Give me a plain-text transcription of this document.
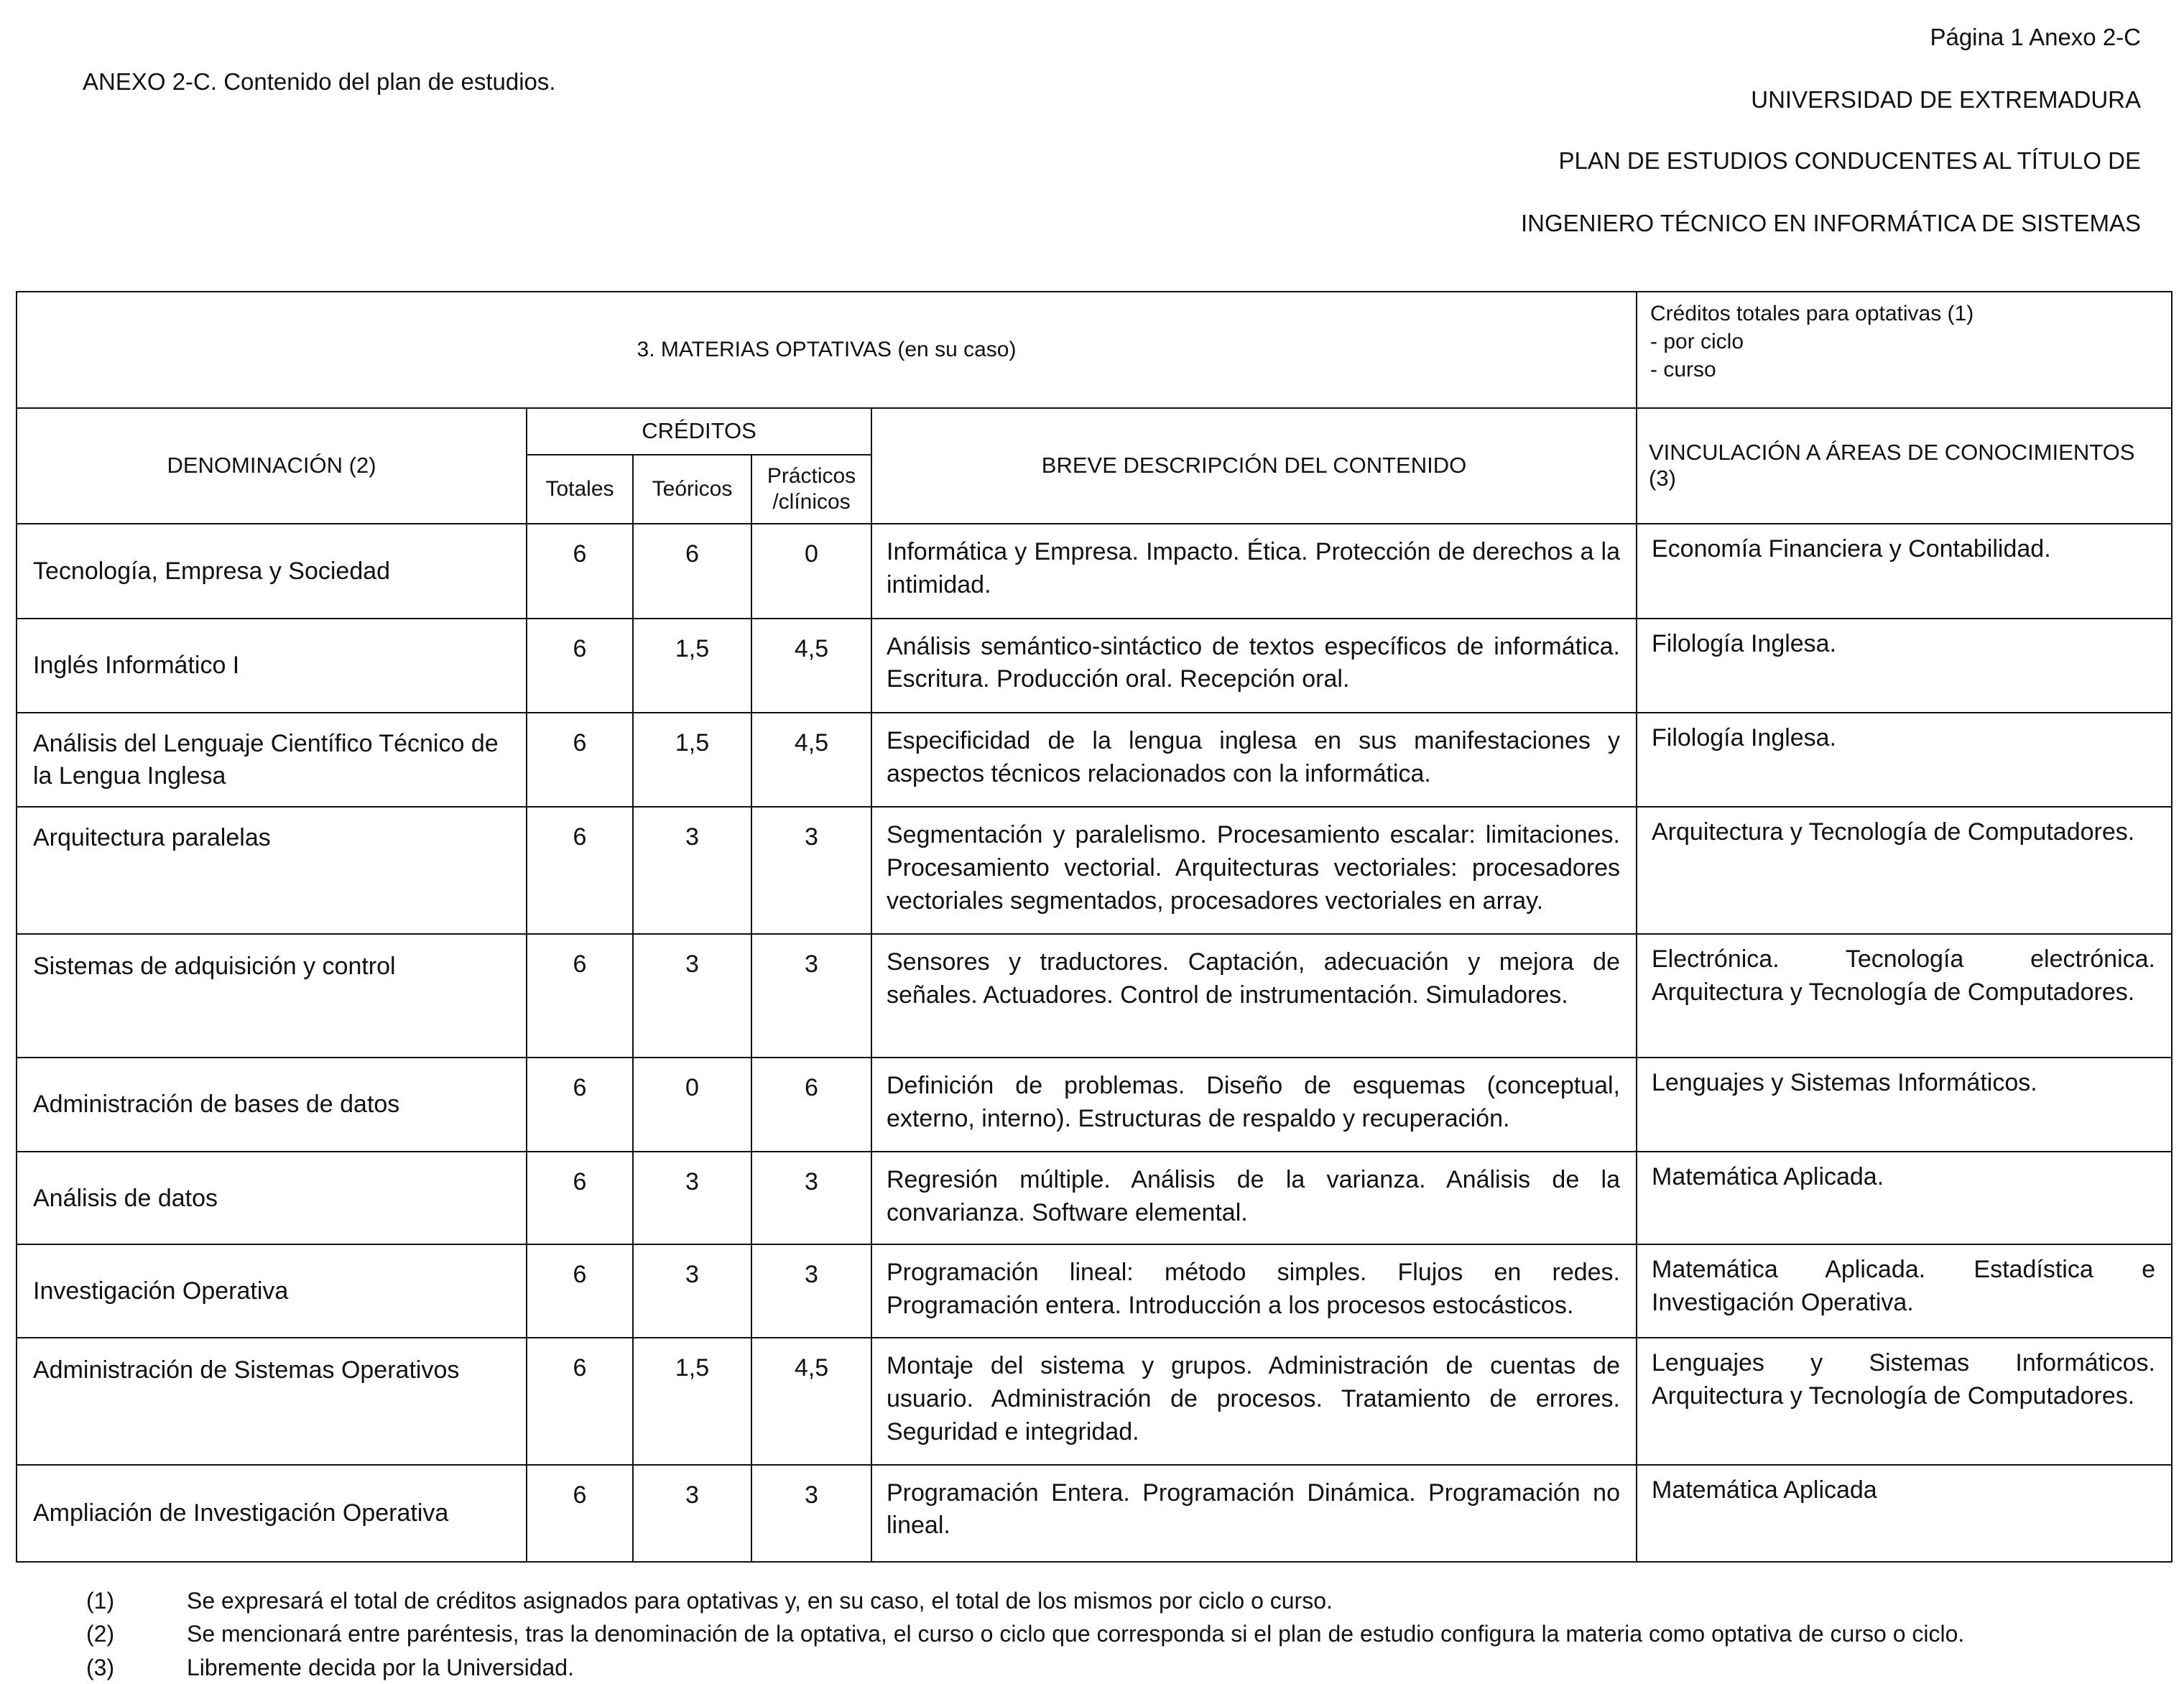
ANEXO 2-C. Contenido del plan de estudios.
Página 1 Anexo 2-C
UNIVERSIDAD DE EXTREMADURA
PLAN DE ESTUDIOS CONDUCENTES AL TÍTULO DE
INGENIERO TÉCNICO EN INFORMÁTICA DE SISTEMAS
3. MATERIAS OPTATIVAS (en su caso)					Créditos totales para optativas (1)
- por ciclo
- curso

DENOMINACIÓN (2)	CRÉDITOS			BREVE DESCRIPCIÓN DEL CONTENIDO	VINCULACIÓN A ÁREAS DE CONOCIMIENTOS (3)
	Totales	Teóricos	Prácticos
/clínicos		

Tecnología, Empresa y Sociedad	6	6	0	Informática y Empresa. Impacto. Ética. Protección de derechos a la intimidad.	Economía Financiera y Contabilidad.
Inglés Informático I	6	1,5	4,5	Análisis semántico-sintáctico de textos específicos de informática. Escritura. Producción oral. Recepción oral.	Filología Inglesa.
Análisis del Lenguaje Científico Técnico de la Lengua Inglesa	6	1,5	4,5	Especificidad de la lengua inglesa en sus manifestaciones y aspectos técnicos relacionados con la informática.	Filología Inglesa.
Arquitectura paralelas	6	3	3	Segmentación y paralelismo. Procesamiento escalar: limitaciones. Procesamiento vectorial. Arquitecturas vectoriales: procesadores vectoriales segmentados, procesadores vectoriales en array.	Arquitectura y Tecnología de Computadores.
Sistemas de adquisición y control	6	3	3	Sensores y traductores. Captación, adecuación y mejora de señales. Actuadores. Control de instrumentación. Simuladores.	Electrónica. Tecnología electrónica. Arquitectura y Tecnología de Computadores.
Administración de bases de datos	6	0	6	Definición de problemas. Diseño de esquemas (conceptual, externo, interno). Estructuras de respaldo y recuperación.	Lenguajes y Sistemas Informáticos.
Análisis de datos	6	3	3	Regresión múltiple. Análisis de la varianza. Análisis de la convarianza. Software elemental.	Matemática Aplicada.
Investigación Operativa	6	3	3	Programación lineal: método simples. Flujos en redes. Programación entera. Introducción a los procesos estocásticos.	Matemática Aplicada. Estadística e Investigación Operativa.
Administración de Sistemas Operativos	6	1,5	4,5	Montaje del sistema y grupos. Administración de cuentas de usuario. Administración de procesos. Tratamiento de errores. Seguridad e integridad.	Lenguajes y Sistemas Informáticos. Arquitectura y Tecnología de Computadores.
Ampliación de Investigación Operativa	6	3	3	Programación Entera. Programación Dinámica. Programación no lineal.	Matemática Aplicada
(1)	Se expresará el total de créditos asignados para optativas y, en su caso, el total de los mismos por ciclo o curso.
(2)	Se mencionará entre paréntesis, tras la denominación de la optativa, el curso o ciclo que corresponda si el plan de estudio configura la materia como optativa de curso o ciclo.
(3)	Libremente decida por la Universidad.
